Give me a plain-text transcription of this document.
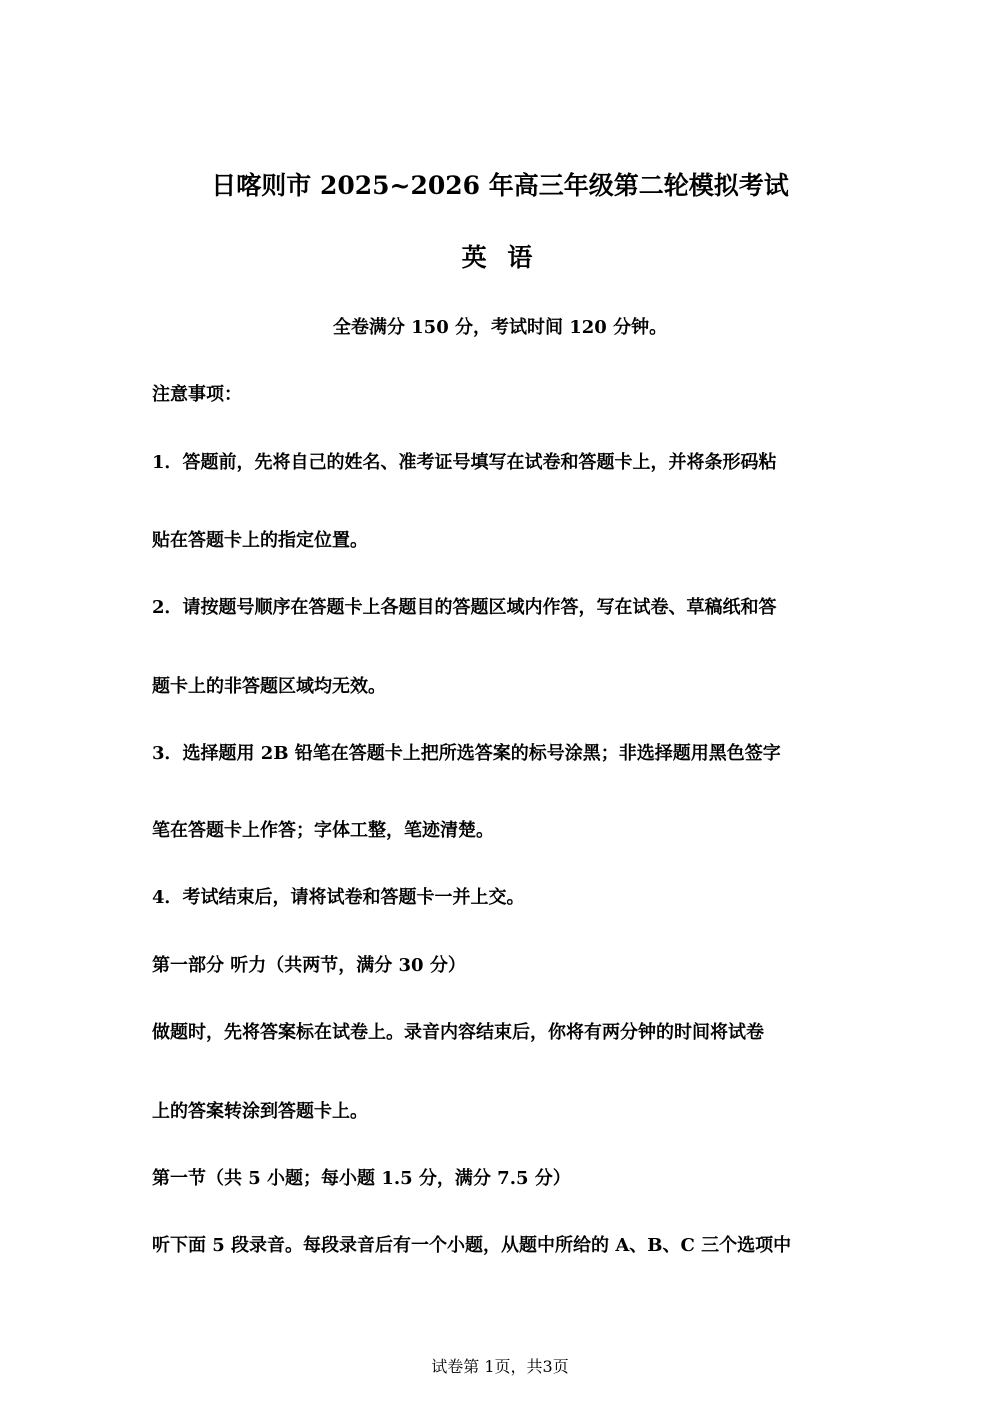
日喀则市 2025~2026 年高三年级第二轮模拟考试
英 语
全卷满分 150 分，考试时间 120 分钟。
注意事项：
1．答题前，先将自己的姓名、准考证号填写在试卷和答题卡上，并将条形码粘
贴在答题卡上的指定位置。
2．请按题号顺序在答题卡上各题目的答题区域内作答，写在试卷、草稿纸和答
题卡上的非答题区域均无效。
3．选择题用 2B 铅笔在答题卡上把所选答案的标号涂黑；非选择题用黑色签字
笔在答题卡上作答；字体工整，笔迹清楚。
4．考试结束后，请将试卷和答题卡一并上交。
第一部分 听力（共两节，满分 30 分）
做题时，先将答案标在试卷上。录音内容结束后，你将有两分钟的时间将试卷
上的答案转涂到答题卡上。
第一节（共 5 小题；每小题 1.5 分，满分 7.5 分）
听下面 5 段录音。每段录音后有一个小题，从题中所给的 A、B、C 三个选项中
试卷第 1页，共3页
